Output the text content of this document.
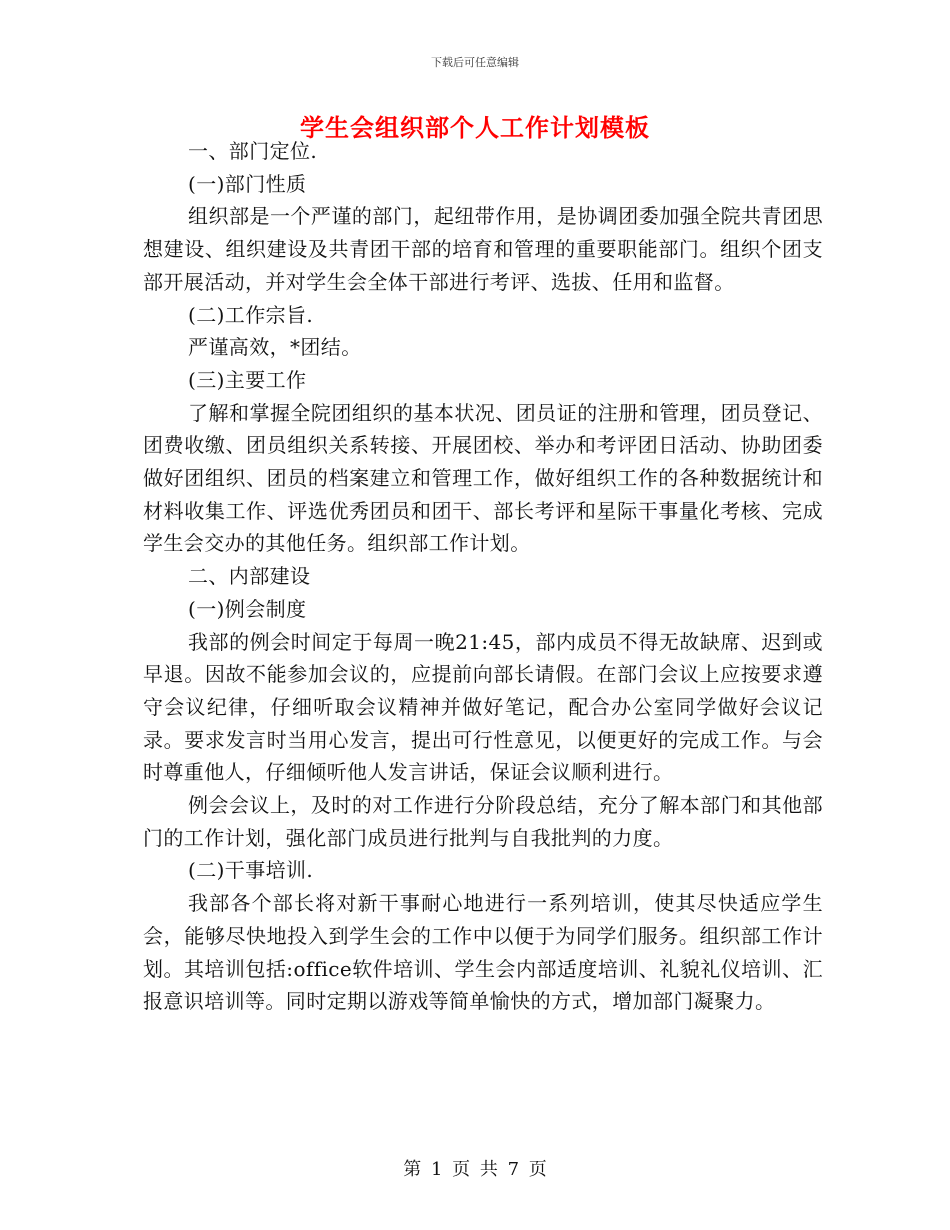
下载后可任意编辑
学生会组织部个人工作计划模板

一、部门定位.

(一)部门性质

组织部是一个严谨的部门，起纽带作用，是协调团委加强全院共青团思想建设、组织建设及共青团干部的培育和管理的重要职能部门。组织个团支部开展活动，并对学生会全体干部进行考评、选拔、任用和监督。

(二)工作宗旨.

严谨高效，*团结。

(三)主要工作

了解和掌握全院团组织的基本状况、团员证的注册和管理，团员登记、团费收缴、团员组织关系转接、开展团校、举办和考评团日活动、协助团委做好团组织、团员的档案建立和管理工作，做好组织工作的各种数据统计和材料收集工作、评选优秀团员和团干、部长考评和星际干事量化考核、完成学生会交办的其他任务。组织部工作计划。

二、内部建设

(一)例会制度

我部的例会时间定于每周一晚21:45，部内成员不得无故缺席、迟到或早退。因故不能参加会议的，应提前向部长请假。在部门会议上应按要求遵守会议纪律，仔细听取会议精神并做好笔记，配合办公室同学做好会议记录。要求发言时当用心发言，提出可行性意见，以便更好的完成工作。与会时尊重他人，仔细倾听他人发言讲话，保证会议顺利进行。

例会会议上，及时的对工作进行分阶段总结，充分了解本部门和其他部门的工作计划，强化部门成员进行批判与自我批判的力度。

(二)干事培训.

我部各个部长将对新干事耐心地进行一系列培训，使其尽快适应学生会，能够尽快地投入到学生会的工作中以便于为同学们服务。组织部工作计划。其培训包括:office软件培训、学生会内部适度培训、礼貌礼仪培训、汇报意识培训等。同时定期以游戏等简单愉快的方式，增加部门凝聚力。

第 1 页 共 7 页
